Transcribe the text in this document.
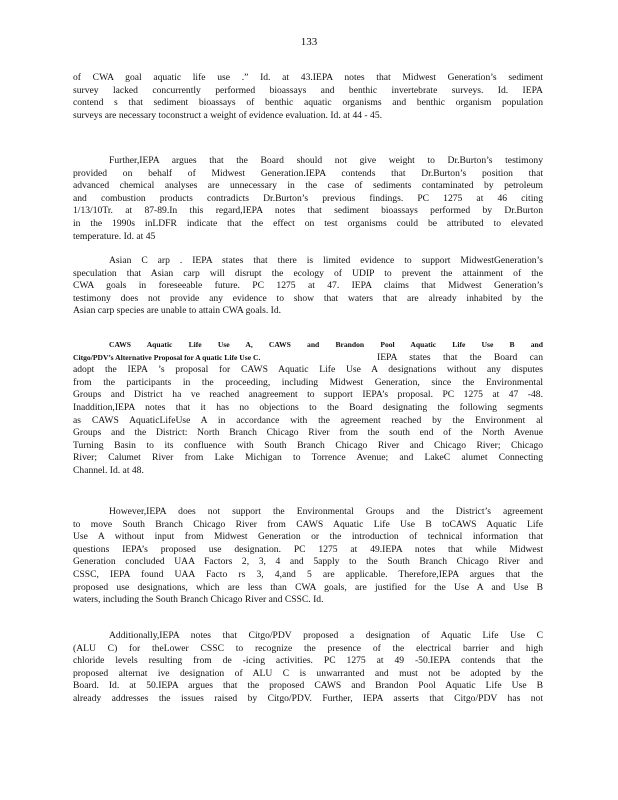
133
of CWA goal aquatic life use .” Id. at 43.IEPA notes that Midwest Generation’s sediment
survey lacked concurrently performed bioassays and benthic invertebrate surveys. Id. IEPA
contend s that sediment bioassays of benthic aquatic organisms and benthic organism population
surveys are necessary toconstruct a weight of evidence evaluation. Id. at 44 - 45.
Further,IEPA argues that the Board should not give weight to Dr.Burton’s testimony
provided on behalf of Midwest Generation.IEPA contends that Dr.Burton’s position that
advanced chemical analyses are unnecessary in the case of sediments contaminated by petroleum
and combustion products contradicts Dr.Burton’s previous findings. PC 1275 at 46 citing
1/13/10Tr. at 87-89.In this regard,IEPA notes that sediment bioassays performed by Dr.Burton
in the 1990s inLDFR indicate that the effect on test organisms could be attributed to elevated
temperature. Id. at 45
Asian C arp . IEPA states that there is limited evidence to support MidwestGeneration’s
speculation that Asian carp will disrupt the ecology of UDIP to prevent the attainment of the
CWA goals in foreseeable future. PC 1275 at 47. IEPA claims that Midwest Generation’s
testimony does not provide any evidence to show that waters that are already inhabited by the
Asian carp species are unable to attain CWA goals. Id.
CAWS Aquatic Life Use A, CAWS and Brandon Pool Aquatic Life Use B and
Citgo/PDV’s Alternative Proposal for A quatic Life Use C.	IEPA states that the Board can
adopt the IEPA ’s proposal for CAWS Aquatic Life Use A designations without any disputes
from the participants in the proceeding, including Midwest Generation, since the Environmental
Groups and District ha ve reached anagreement to support IEPA’s proposal. PC 1275 at 47 -48.
Inaddition,IEPA notes that it has no objections to the Board designating the following segments
as CAWS AquaticLifeUse A in accordance with the agreement reached by the Environment al
Groups and the District: North Branch Chicago River from the south end of the North Avenue
Turning Basin to its confluence with South Branch Chicago River and Chicago River; Chicago
River; Calumet River from Lake Michigan to Torrence Avenue; and LakeC alumet Connecting
Channel. Id. at 48.
However,IEPA does not support the Environmental Groups and the District’s agreement
to move South Branch Chicago River from CAWS Aquatic Life Use B toCAWS Aquatic Life
Use A without input from Midwest Generation or the introduction of technical information that
questions IEPA’s proposed use designation. PC 1275 at 49.IEPA notes that while Midwest
Generation concluded UAA Factors 2, 3, 4 and 5apply to the South Branch Chicago River and
CSSC, IEPA found UAA Facto rs 3, 4,and 5 are applicable. Therefore,IEPA argues that the
proposed use designations, which are less than CWA goals, are justified for the Use A and Use B
waters, including the South Branch Chicago River and CSSC. Id.
Additionally,IEPA notes that Citgo/PDV proposed a designation of Aquatic Life Use C
(ALU C) for theLower CSSC to recognize the presence of the electrical barrier and high
chloride levels resulting from de -icing activities. PC 1275 at 49 -50.IEPA contends that the
proposed alternat ive designation of ALU C is unwarranted and must not be adopted by the
Board. Id. at 50.IEPA argues that the proposed CAWS and Brandon Pool Aquatic Life Use B
already addresses the issues raised by Citgo/PDV. Further, IEPA asserts that Citgo/PDV has not
